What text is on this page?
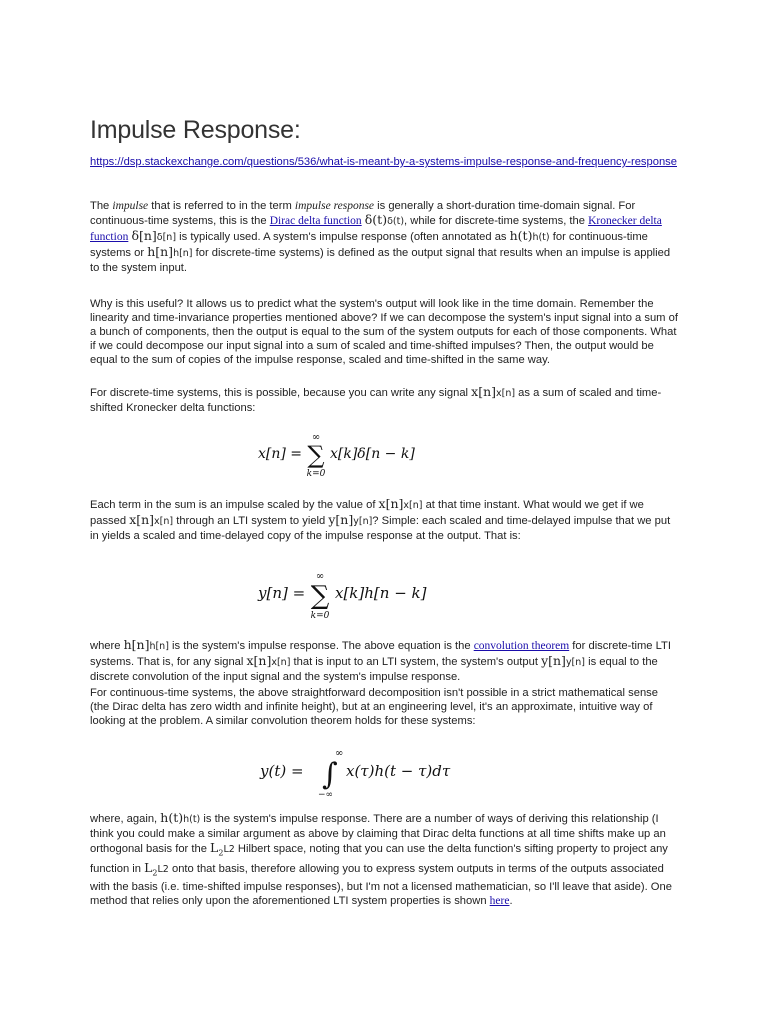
Impulse Response:
https://dsp.stackexchange.com/questions/536/what-is-meant-by-a-systems-impulse-response-and-frequency-response

The impulse that is referred to in the term impulse response is generally a short-duration time-domain signal. For continuous-time systems, this is the Dirac delta function δ(t)δ(t), while for discrete-time systems, the Kronecker delta function δ[n]δ[n] is typically used. A system's impulse response (often annotated as h(t)h(t) for continuous-time systems or h[n]h[n] for discrete-time systems) is defined as the output signal that results when an impulse is applied to the system input.

Why is this useful? It allows us to predict what the system's output will look like in the time domain. Remember the linearity and time-invariance properties mentioned above? If we can decompose the system's input signal into a sum of a bunch of components, then the output is equal to the sum of the system outputs for each of those components. What if we could decompose our input signal into a sum of scaled and time-shifted impulses? Then, the output would be equal to the sum of copies of the impulse response, scaled and time-shifted in the same way.

For discrete-time systems, this is possible, because you can write any signal x[n]x[n] as a sum of scaled and time-shifted Kronecker delta functions:

x[n] =
∞
∑
k=0
x[k]δ[n − k]

Each term in the sum is an impulse scaled by the value of x[n]x[n] at that time instant. What would we get if we passed x[n]x[n] through an LTI system to yield y[n]y[n]? Simple: each scaled and time-delayed impulse that we put in yields a scaled and time-delayed copy of the impulse response at the output. That is:

y[n] =
∞
∑
k=0
x[k]h[n − k]

where h[n]h[n] is the system's impulse response. The above equation is the convolution theorem for discrete-time LTI systems. That is, for any signal x[n]x[n] that is input to an LTI system, the system's output y[n]y[n] is equal to the discrete convolution of the input signal and the system's impulse response.

For continuous-time systems, the above straightforward decomposition isn't possible in a strict mathematical sense (the Dirac delta has zero width and infinite height), but at an engineering level, it's an approximate, intuitive way of looking at the problem. A similar convolution theorem holds for these systems:

y(t) = ∫
∞
−∞
x(τ)h(t − τ)dτ

where, again, h(t)h(t) is the system's impulse response. There are a number of ways of deriving this relationship (I think you could make a similar argument as above by claiming that Dirac delta functions at all time shifts make up an orthogonal basis for the $L_2L2$ Hilbert space, noting that you can use the delta function's sifting property to project any function in $L_2L2$ onto that basis, therefore allowing you to express system outputs in terms of the outputs associated with the basis (i.e. time-shifted impulse responses), but I'm not a licensed mathematician, so I'll leave that aside). One method that relies only upon the aforementioned LTI system properties is shown here.
